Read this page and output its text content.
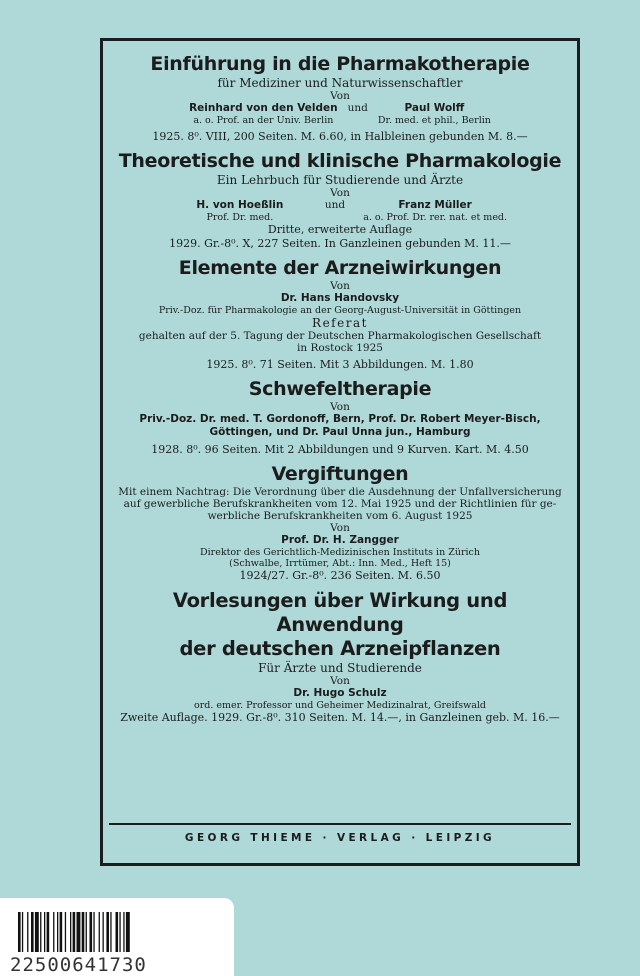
Einführung in die Pharmakotherapie

für Mediziner und Naturwissenschaftler

Von

Reinhard von den Velden

a. o. Prof. an der Univ. Berlin

und	Paul Wolff

Dr. med. et phil., Berlin

1925. 8⁰. VIII, 200 Seiten. M. 6.60, in Halbleinen gebunden M. 8.—

Theoretische und klinische Pharmakologie

Ein Lehrbuch für Studierende und Ärzte

Von

H. von Hoeßlin

Prof. Dr. med.

und	Franz Müller

a. o. Prof. Dr. rer. nat. et med.

Dritte, erweiterte Auflage

1929. Gr.-8⁰. X, 227 Seiten. In Ganzleinen gebunden M. 11.—

Elemente der Arzneiwirkungen

Von

Dr. Hans Handovsky

Priv.-Doz. für Pharmakologie an der Georg-August-Universität in Göttingen

Referat

gehalten auf der 5. Tagung der Deutschen Pharmakologischen Gesellschaft

in Rostock 1925

1925. 8⁰. 71 Seiten. Mit 3 Abbildungen. M. 1.80

Schwefeltherapie

Von

Priv.-Doz. Dr. med. T. Gordonoff, Bern, Prof. Dr. Robert Meyer-Bisch,

Göttingen, und Dr. Paul Unna jun., Hamburg

1928. 8⁰. 96 Seiten. Mit 2 Abbildungen und 9 Kurven. Kart. M. 4.50

Vergiftungen

Mit einem Nachtrag: Die Verordnung über die Ausdehnung der Unfallversicherung

auf gewerbliche Berufskrankheiten vom 12. Mai 1925 und der Richtlinien für ge-

werbliche Berufskrankheiten vom 6. August 1925

Von

Prof. Dr. H. Zangger

Direktor des Gerichtlich-Medizinischen Instituts in Zürich

(Schwalbe, Irrtümer, Abt.: Inn. Med., Heft 15)

1924/27. Gr.-8⁰. 236 Seiten. M. 6.50

Vorlesungen über Wirkung und Anwendung

der deutschen Arzneipflanzen

Für Ärzte und Studierende

Von

Dr. Hugo Schulz

ord. emer. Professor und Geheimer Medizinalrat, Greifswald

Zweite Auflage. 1929. Gr.-8⁰. 310 Seiten. M. 14.—, in Ganzleinen geb. M. 16.—

GEORG THIEME · VERLAG · LEIPZIG
22500641730
